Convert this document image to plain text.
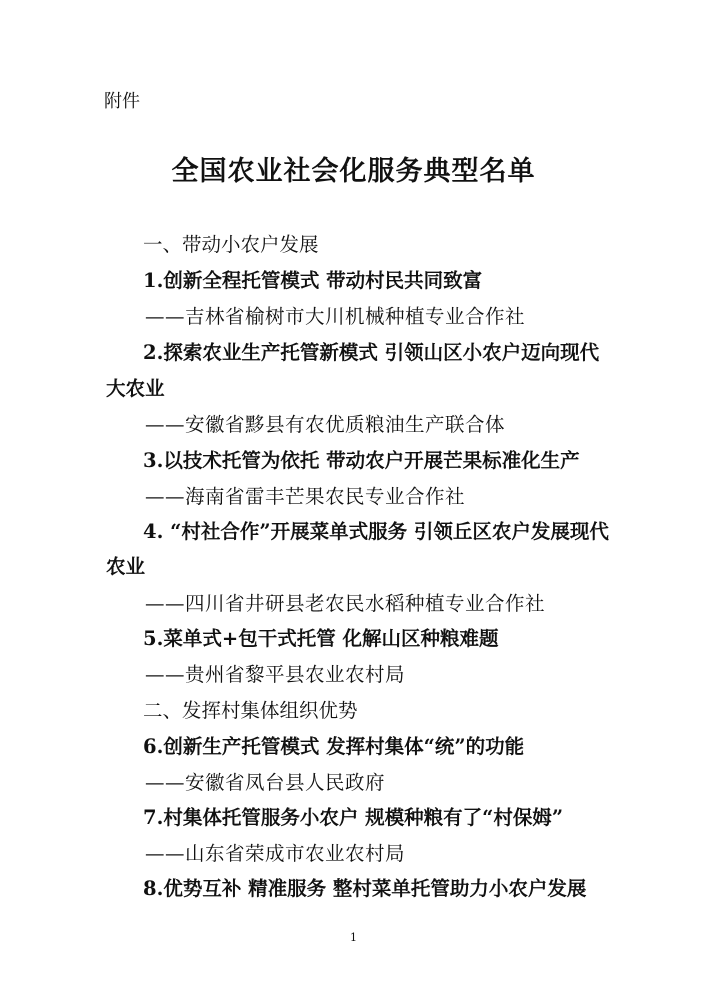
附件
全国农业社会化服务典型名单
一、带动小农户发展
1.创新全程托管模式 带动村民共同致富
——吉林省榆树市大川机械种植专业合作社
2.探索农业生产托管新模式 引领山区小农户迈向现代
大农业
——安徽省黟县有农优质粮油生产联合体
3.以技术托管为依托 带动农户开展芒果标准化生产
——海南省雷丰芒果农民专业合作社
4. “村社合作”开展菜单式服务 引领丘区农户发展现代
农业
——四川省井研县老农民水稻种植专业合作社
5.菜单式+包干式托管 化解山区种粮难题
——贵州省黎平县农业农村局
二、发挥村集体组织优势
6.创新生产托管模式 发挥村集体“统”的功能
——安徽省凤台县人民政府
7.村集体托管服务小农户 规模种粮有了“村保姆”
——山东省荣成市农业农村局
8.优势互补 精准服务 整村菜单托管助力小农户发展
1
